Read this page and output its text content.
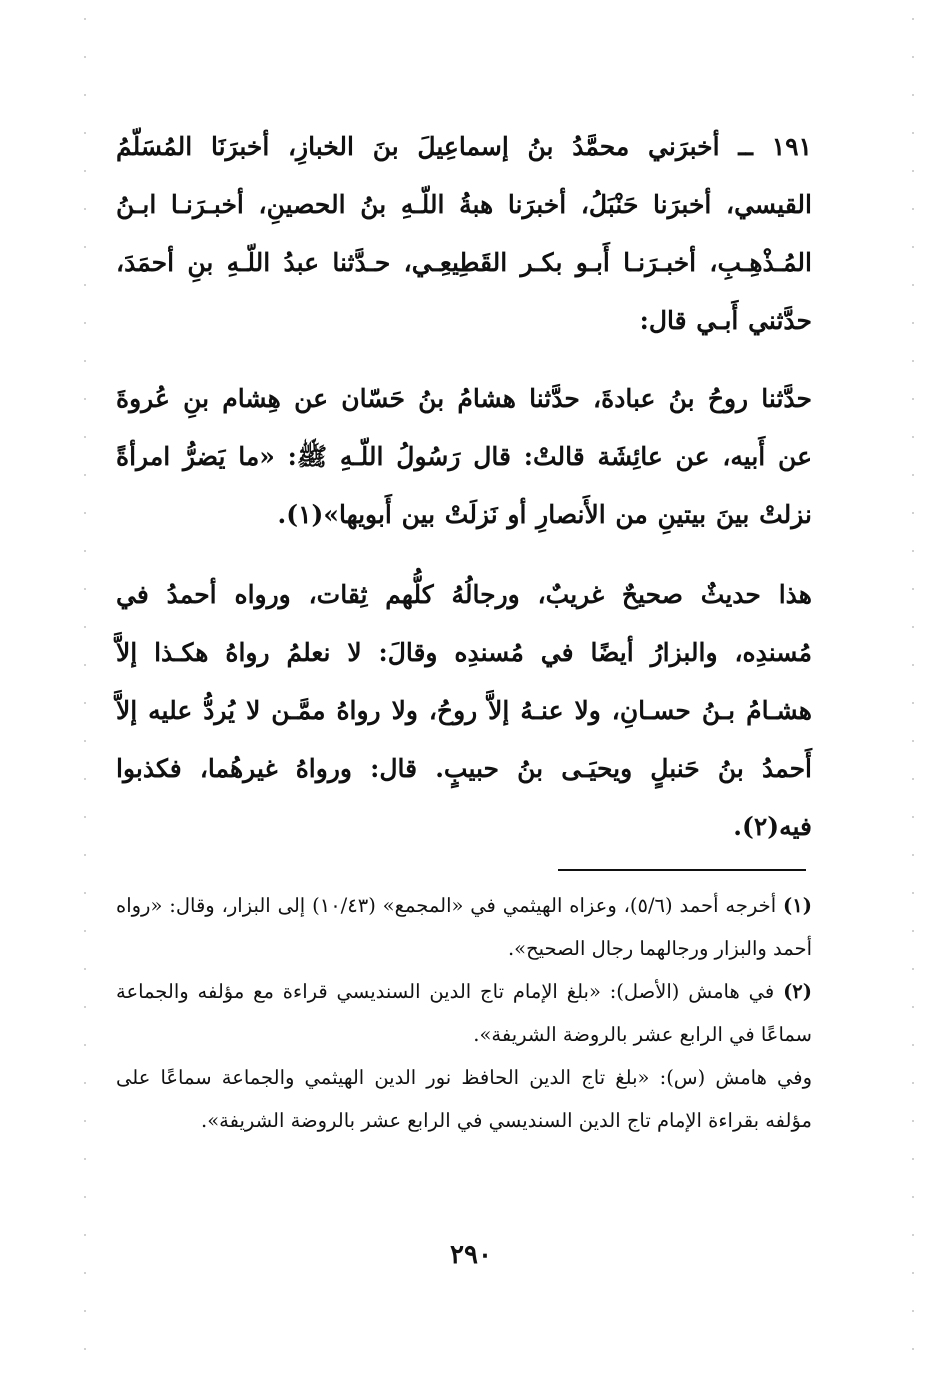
١٩١ ــ أخبرَني محمَّدُ بنُ إسماعِيلَ بنَ الخبازِ، أخبرَنَا المُسَلّمُ القيسي، أخبرَنا حَنْبَلُ، أخبرَنا هبةُ اللّـهِ بنُ الحصينِ، أخبـرَنـا ابـنُ المُـذْهِـبِ، أخبـرَنـا أَبـو بكـر القَطِيعِـي، حـدَّثنا عبدُ اللّـهِ بنِ أحمَدَ، حدَّثني أَبـي قال:

حدَّثنا روحُ بنُ عبادةَ، حدَّثنا هشامُ بنُ حَسّان عن هِشام بنِ عُروةَ عن أَبيه، عن عائِشَة قالتْ: قال رَسُولُ اللّـهِ ﷺ: «ما يَضرُّ امرأةً نزلتْ بينَ بيتينِ من الأَنصارِ أو نَزلَتْ بين أَبويها»(١).

هذا حديثٌ صحيحٌ غريبٌ، ورجالُهُ كلُّهم ثِقات، ورواه أحمدُ في مُسندِه، والبزارُ أيضًا في مُسندِه وقالَ: لا نعلمُ رواهُ هكـذا إلاَّ هشـامُ بـنُ حسـانِ، ولا عنـهُ إلاَّ روحُ، ولا رواهُ ممَّـن لا يُردُّ عليه إلاَّ أَحمدُ بنُ حَنبلٍ ويحيَـى بنُ حبيبٍ. قال: ورواهُ غيرهُما، فكذبوا فيه(٢).

(١) أخرجه أحمد (٥/٦)، وعزاه الهيثمي في «المجمع» (١٠/٤٣) إلى البزار، وقال: «رواه أحمد والبزار ورجالهما رجال الصحيح».

(٢) في هامش (الأصل): «بلغ الإمام تاج الدين السنديسي قراءة مع مؤلفه والجماعة سماعًا في الرابع عشر بالروضة الشريفة».

وفي هامش (س): «بلغ تاج الدين الحافظ نور الدين الهيثمي والجماعة سماعًا على مؤلفه بقراءة الإمام تاج الدين السنديسي في الرابع عشر بالروضة الشريفة».

٢٩٠
